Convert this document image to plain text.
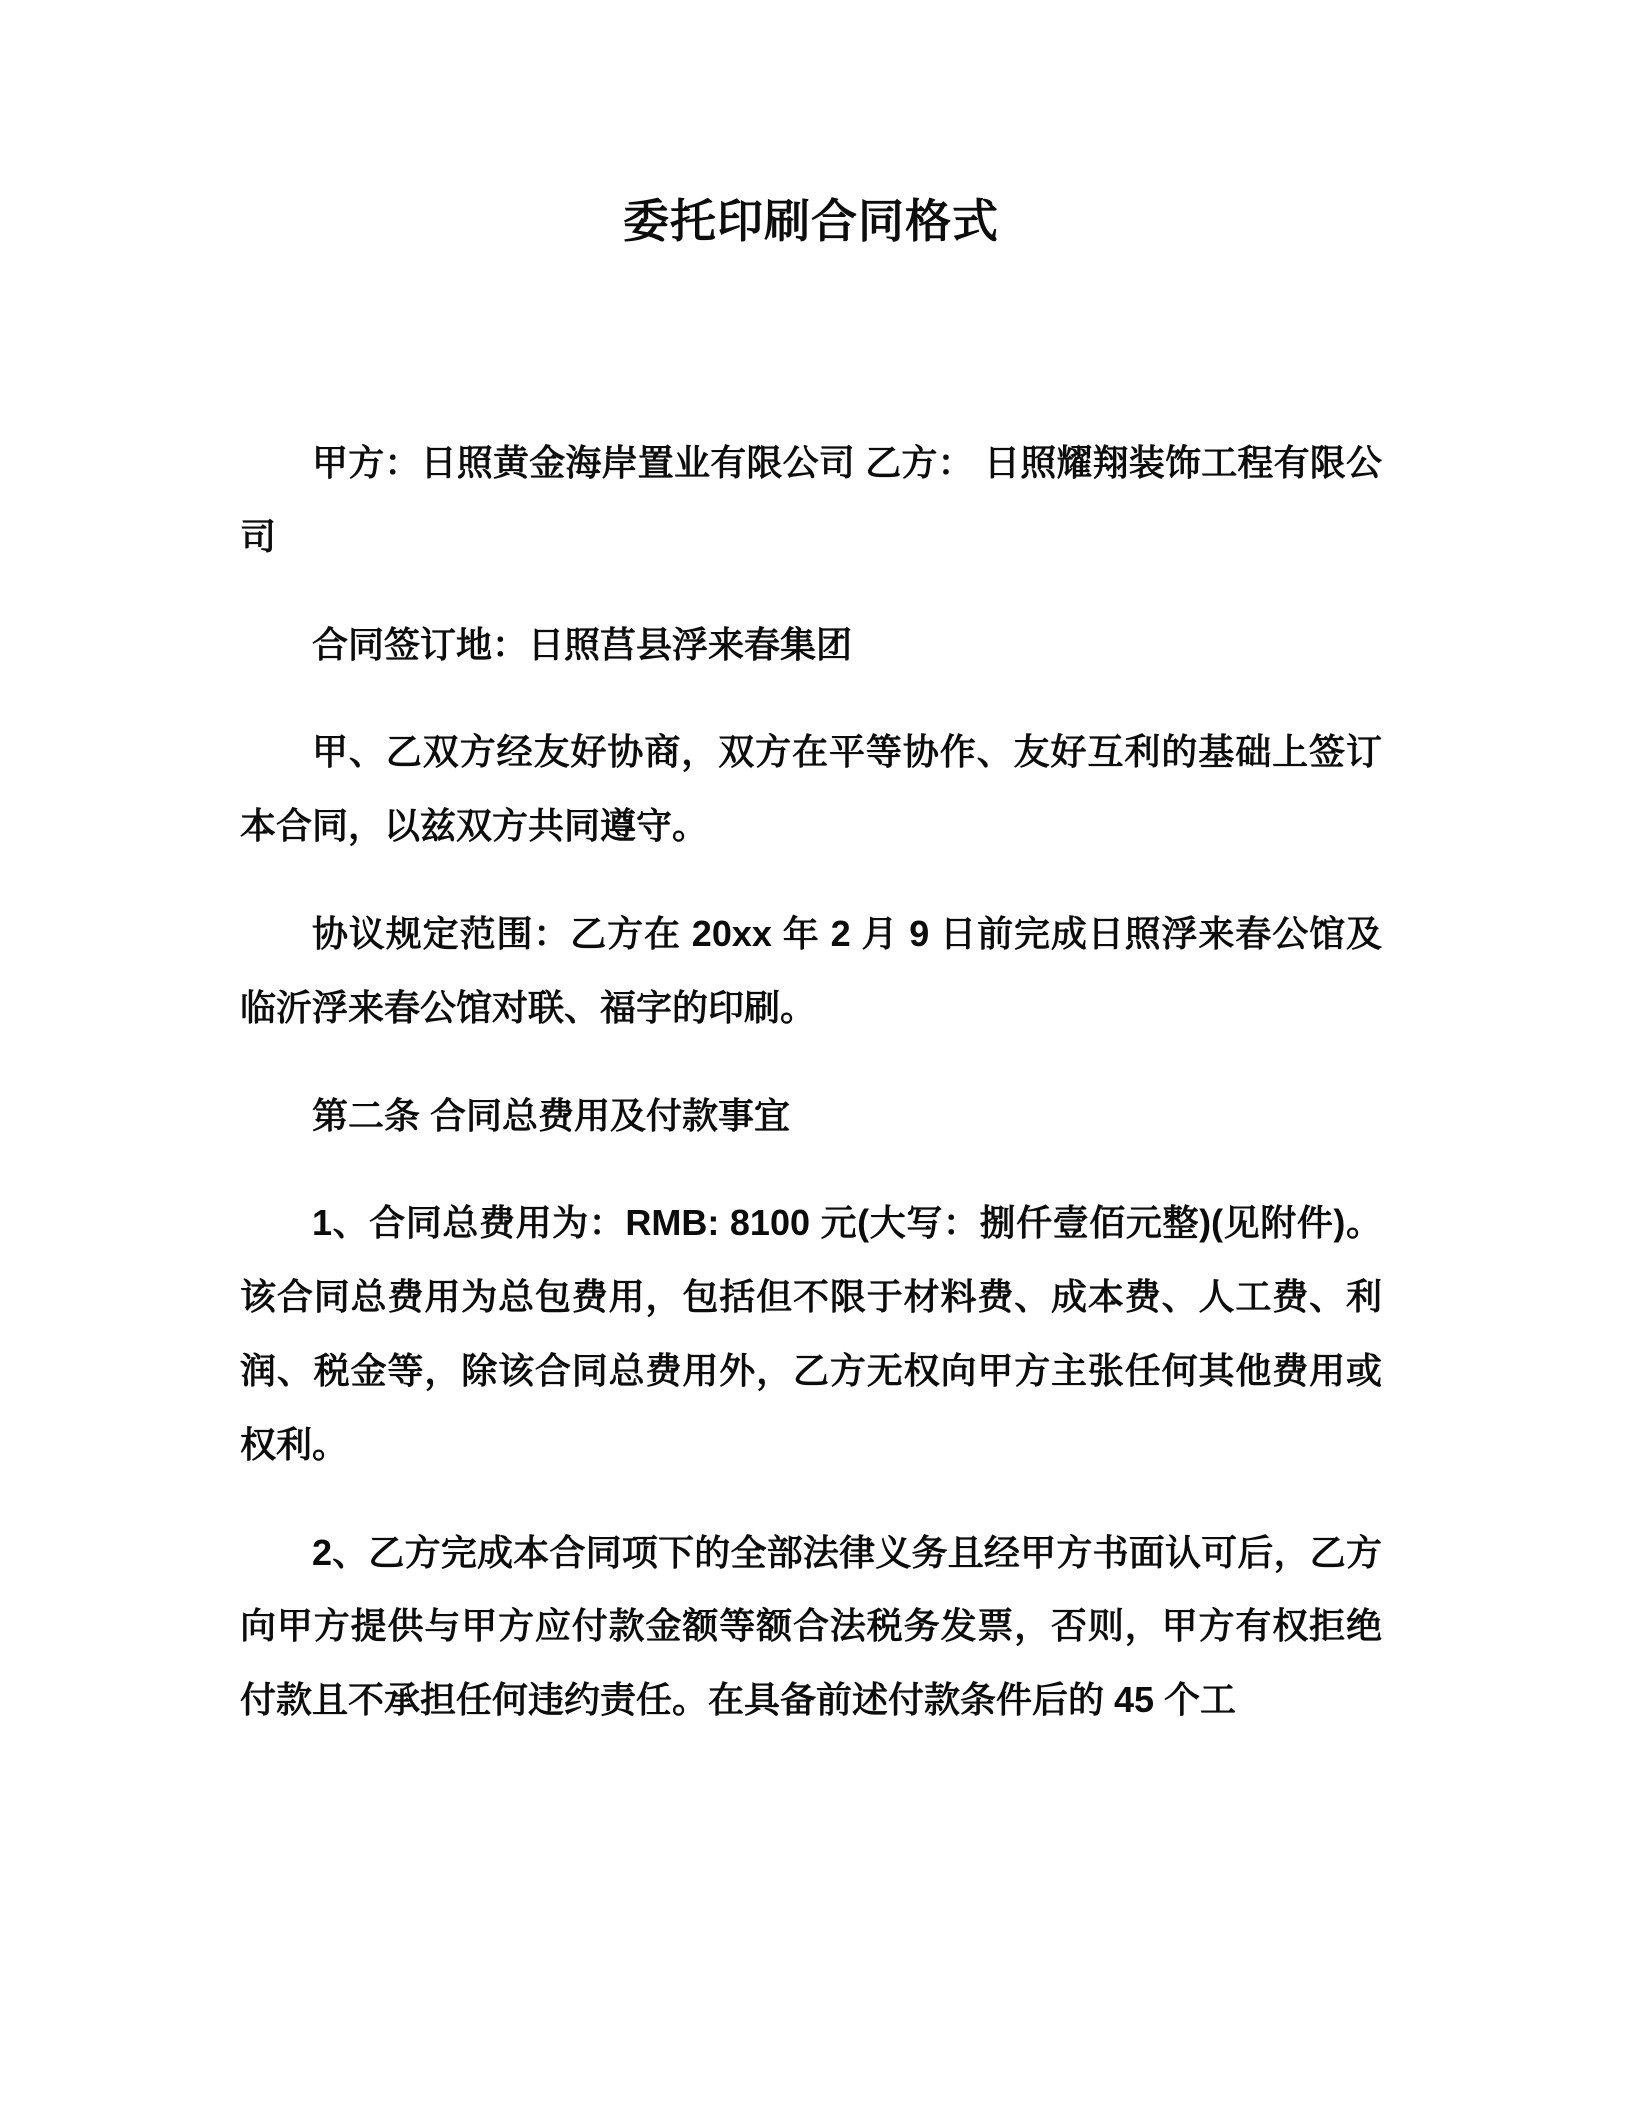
委托印刷合同格式

甲方：日照黄金海岸置业有限公司 乙方： 日照耀翔装饰工程有限公司

合同签订地：日照莒县浮来春集团

甲、乙双方经友好协商，双方在平等协作、友好互利的基础上签订本合同，以兹双方共同遵守。

协议规定范围：乙方在 20xx 年 2 月 9 日前完成日照浮来春公馆及临沂浮来春公馆对联、福字的印刷。

第二条 合同总费用及付款事宜

1、合同总费用为：RMB: 8100 元(大写：捌仟壹佰元整)(见附件)。该合同总费用为总包费用，包括但不限于材料费、成本费、人工费、利润、税金等，除该合同总费用外，乙方无权向甲方主张任何其他费用或权利。

2、乙方完成本合同项下的全部法律义务且经甲方书面认可后，乙方向甲方提供与甲方应付款金额等额合法税务发票，否则，甲方有权拒绝付款且不承担任何违约责任。在具备前述付款条件后的 45 个工
